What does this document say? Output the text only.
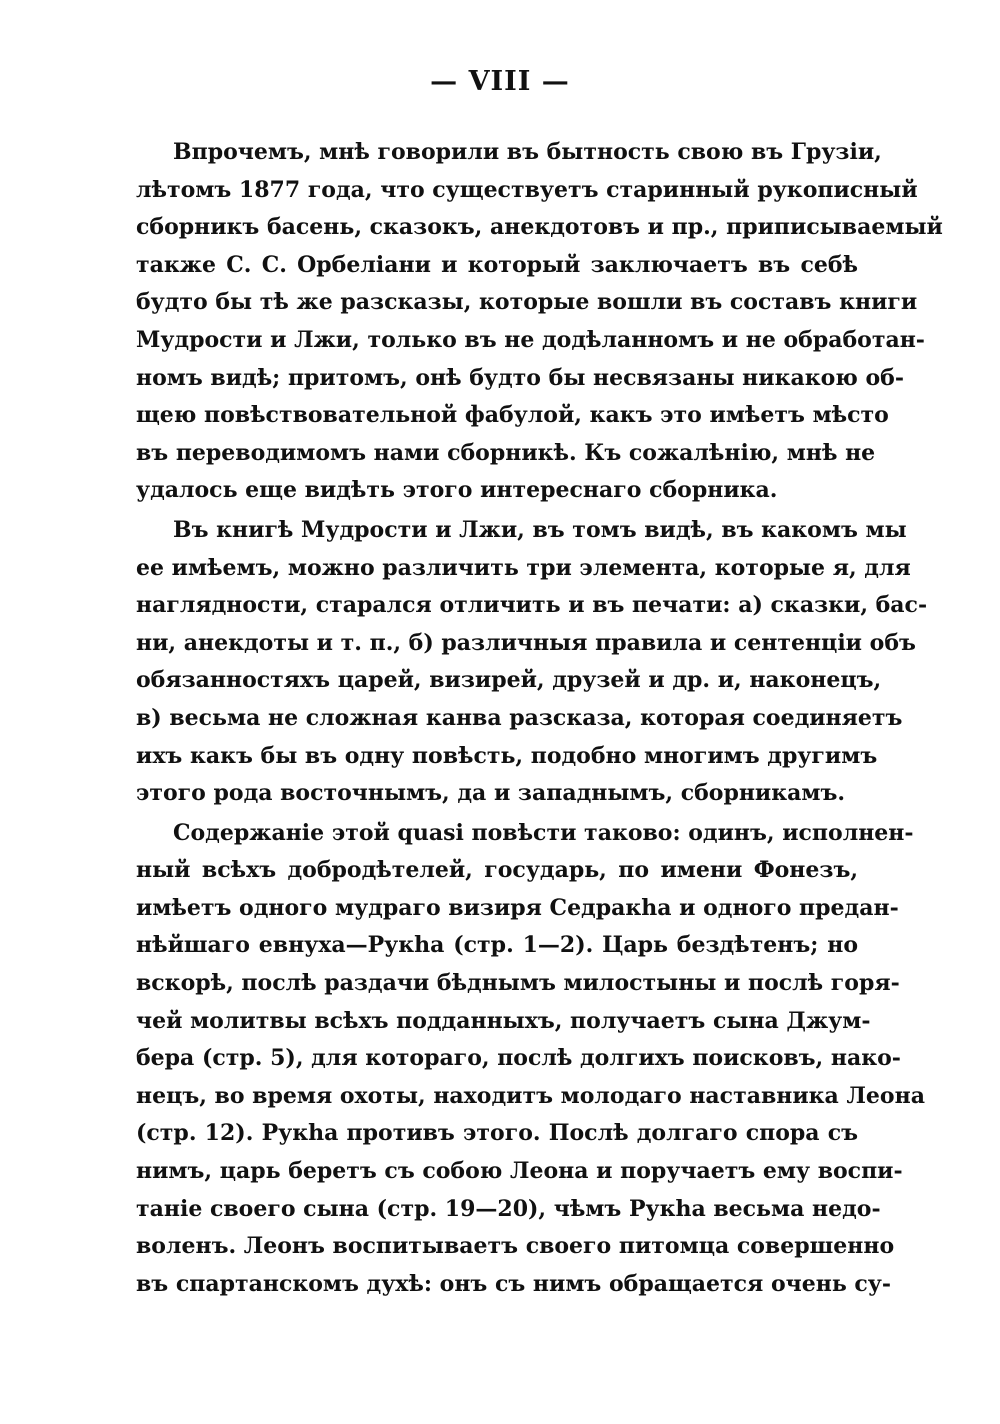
— VIII —
Впрочемъ, мнѣ говорили въ бытность свою въ Грузіи,
лѣтомъ 1877 года, что существуетъ старинный рукописный
сборникъ басень, сказокъ, анекдотовъ и пр., приписываемый
также С. С. Орбеліани и который заключаетъ въ себѣ
будто бы тѣ же разсказы, которые вошли въ составъ книги
Мудрости и Лжи, только въ не додѣланномъ и не обработан-
номъ видѣ; притомъ, онѣ будто бы несвязаны никакою об-
щею повѣствовательной фабулой, какъ это имѣетъ мѣсто
въ переводимомъ нами сборникѣ. Къ сожалѣнію, мнѣ не
удалось еще видѣть этого интереснаго сборника.
Въ книгѣ Мудрости и Лжи, въ томъ видѣ, въ какомъ мы
ее имѣемъ, можно различить три элемента, которые я, для
наглядности, старался отличить и въ печати: а) сказки, бас-
ни, анекдоты и т. п., б) различныя правила и сентенціи объ
обязанностяхъ царей, визирей, друзей и др. и, наконецъ,
в) весьма не сложная канва разсказа, которая соединяетъ
ихъ какъ бы въ одну повѣсть, подобно многимъ другимъ
этого рода восточнымъ, да и западнымъ, сборникамъ.
Содержаніе этой quasi повѣсти таково: одинъ, исполнен-
ный всѣхъ добродѣтелей, государь, по имени Фонезъ,
имѣетъ одного мудраго визиря Седракhа и одного предан-
нѣйшаго евнуха—Рукhа (стр. 1—2). Царь бездѣтенъ; но
вскорѣ, послѣ раздачи бѣднымъ милостыны и послѣ горя-
чей молитвы всѣхъ подданныхъ, получаетъ сына Джум-
бера (стр. 5), для котораго, послѣ долгихъ поисковъ, нако-
нецъ, во время охоты, находитъ молодаго наставника Леона
(стр. 12). Рукhа противъ этого. Послѣ долгаго спора съ
нимъ, царь беретъ съ собою Леона и поручаетъ ему воспи-
таніе своего сына (стр. 19—20), чѣмъ Рукhа весьма недо-
воленъ. Леонъ воспитываетъ своего питомца совершенно
въ спартанскомъ духѣ: онъ съ нимъ обращается очень су-
